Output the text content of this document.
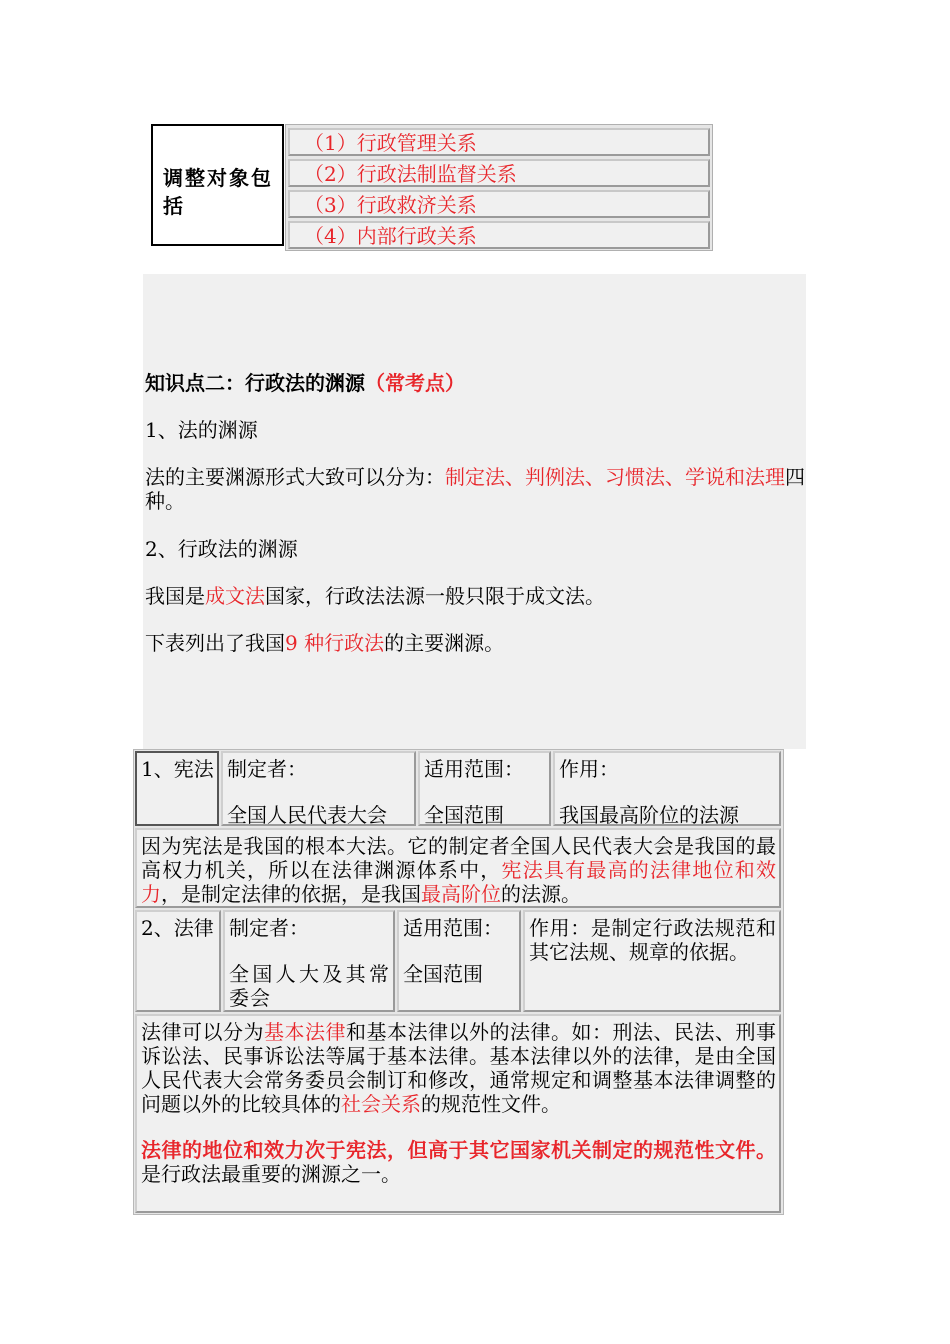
调整对象包括
（1）行政管理关系
（2）行政法制监督关系
（3）行政救济关系
（4）内部行政关系
知识点二：行政法的渊源（常考点）
1、法的渊源
法的主要渊源形式大致可以分为：制定法、判例法、习惯法、学说和法理四种。
2、行政法的渊源
我国是成文法国家，行政法法源一般只限于成文法。
下表列出了我国9 种行政法的主要渊源。
1、宪法 制定者：
全国人民代表大会
适用范围：
全国范围
作用：
我国最高阶位的法源
因为宪法是我国的根本大法。它的制定者全国人民代表大会是我国的最高权力机关，所以在法律渊源体系中，宪法具有最高的法律地位和效力，是制定法律的依据，是我国最高阶位的法源。
2、法律 制定者：
全国人大及其常委会
适用范围：
全国范围
作用：是制定行政法规范和其它法规、规章的依据。
法律可以分为基本法律和基本法律以外的法律。如：刑法、民法、刑事诉讼法、民事诉讼法等属于基本法律。基本法律以外的法律，是由全国人民代表大会常务委员会制订和修改，通常规定和调整基本法律调整的问题以外的比较具体的社会关系的规范性文件。
法律的地位和效力次于宪法，但高于其它国家机关制定的规范性文件。是行政法最重要的渊源之一。
